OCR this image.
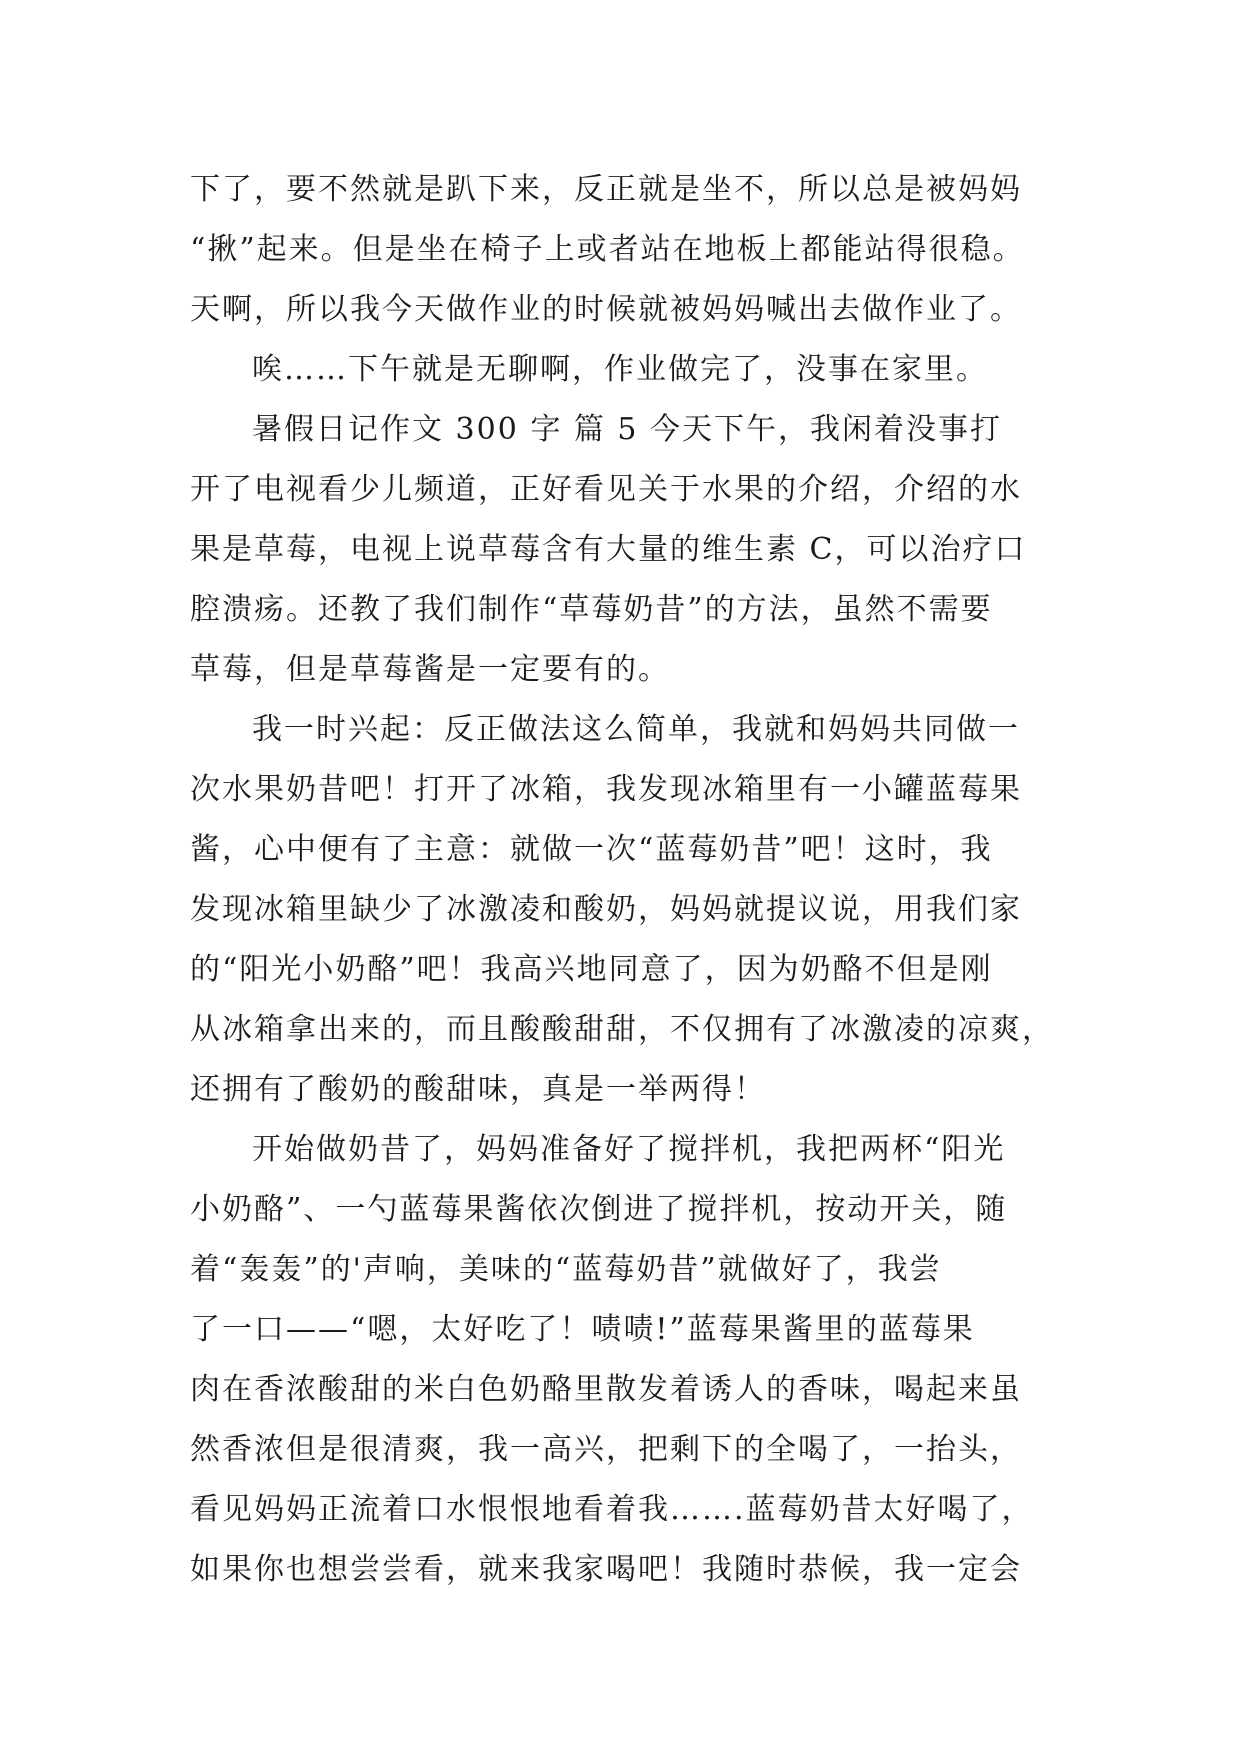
下了，要不然就是趴下来，反正就是坐不，所以总是被妈妈
“揪”起来。但是坐在椅子上或者站在地板上都能站得很稳。
天啊，所以我今天做作业的时候就被妈妈喊出去做作业了。
唉……下午就是无聊啊，作业做完了，没事在家里。
暑假日记作文 300 字 篇 5 今天下午，我闲着没事打
开了电视看少儿频道，正好看见关于水果的介绍，介绍的水
果是草莓，电视上说草莓含有大量的维生素 C，可以治疗口
腔溃疡。还教了我们制作“草莓奶昔”的方法，虽然不需要
草莓，但是草莓酱是一定要有的。
我一时兴起：反正做法这么简单，我就和妈妈共同做一
次水果奶昔吧！打开了冰箱，我发现冰箱里有一小罐蓝莓果
酱，心中便有了主意：就做一次“蓝莓奶昔”吧！这时，我
发现冰箱里缺少了冰激凌和酸奶，妈妈就提议说，用我们家
的“阳光小奶酪”吧！我高兴地同意了，因为奶酪不但是刚
从冰箱拿出来的，而且酸酸甜甜，不仅拥有了冰激凌的凉爽，
还拥有了酸奶的酸甜味，真是一举两得！
开始做奶昔了，妈妈准备好了搅拌机，我把两杯“阳光
小奶酪”、一勺蓝莓果酱依次倒进了搅拌机，按动开关，随
着“轰轰”的'声响，美味的“蓝莓奶昔”就做好了，我尝
了一口——“嗯，太好吃了！啧啧!”蓝莓果酱里的蓝莓果
肉在香浓酸甜的米白色奶酪里散发着诱人的香味，喝起来虽
然香浓但是很清爽，我一高兴，把剩下的全喝了，一抬头，
看见妈妈正流着口水恨恨地看着我…….蓝莓奶昔太好喝了，
如果你也想尝尝看，就来我家喝吧！我随时恭候，我一定会
